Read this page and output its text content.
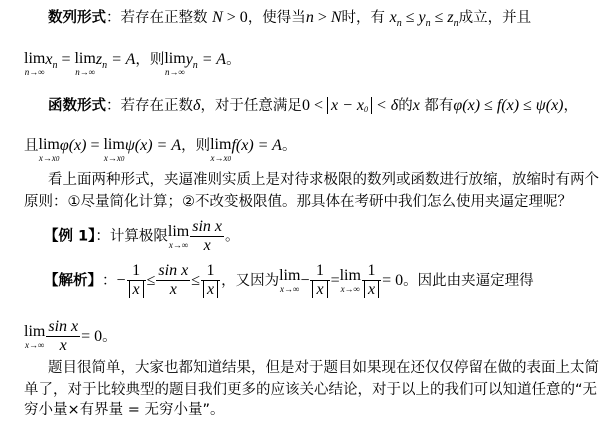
数列形式：若存在正整数 N > 0，使得当n > N时，有 $x_n \le y_n \le z_n$成立，并且
lim
n→∞
$x_n = \lim$
n→∞
$z_n = A$，则lim
n→∞
$y_n = A$。
函数形式：若存在正数δ，对于任意满足0 < x − x0 < δ的x 都有φ(x) ≤ f(x) ≤ ψ(x)，
且lim
x→x0
φ(x) = lim
x→x0
ψ(x) = A，则lim
x→x0
f(x) = A。
看上面两种形式，夹逼准则实质上是对待求极限的数列或函数进行放缩，放缩时有两个
原则：①尽量简化计算；②不改变极限值。那具体在考研中我们怎么使用夹逼定理呢？
【例 1】：计算极限lim
$x\to\infty \frac{\text{sin x}}{x}$ 。
【解析】：− $\frac{1}{x} \le \frac{\text{sin x}}{x} \le \frac{1}{x}$ ，又因为lim
x→∞
− $\frac{1}{x} =\lim$
$x\to\infty \frac{1}{x} = 0$。因此由夹逼定理得
lim
$x\to\infty \frac{\text{sin x}}{x} = 0$。
题目很简单，大家也都知道结果，但是对于题目如果现在还仅仅停留在做的表面上太简
单了，对于比较典型的题目我们更多的应该关心结论，对于以上的我们可以知道任意的“无
穷小量×有界量 = 无穷小量”。
